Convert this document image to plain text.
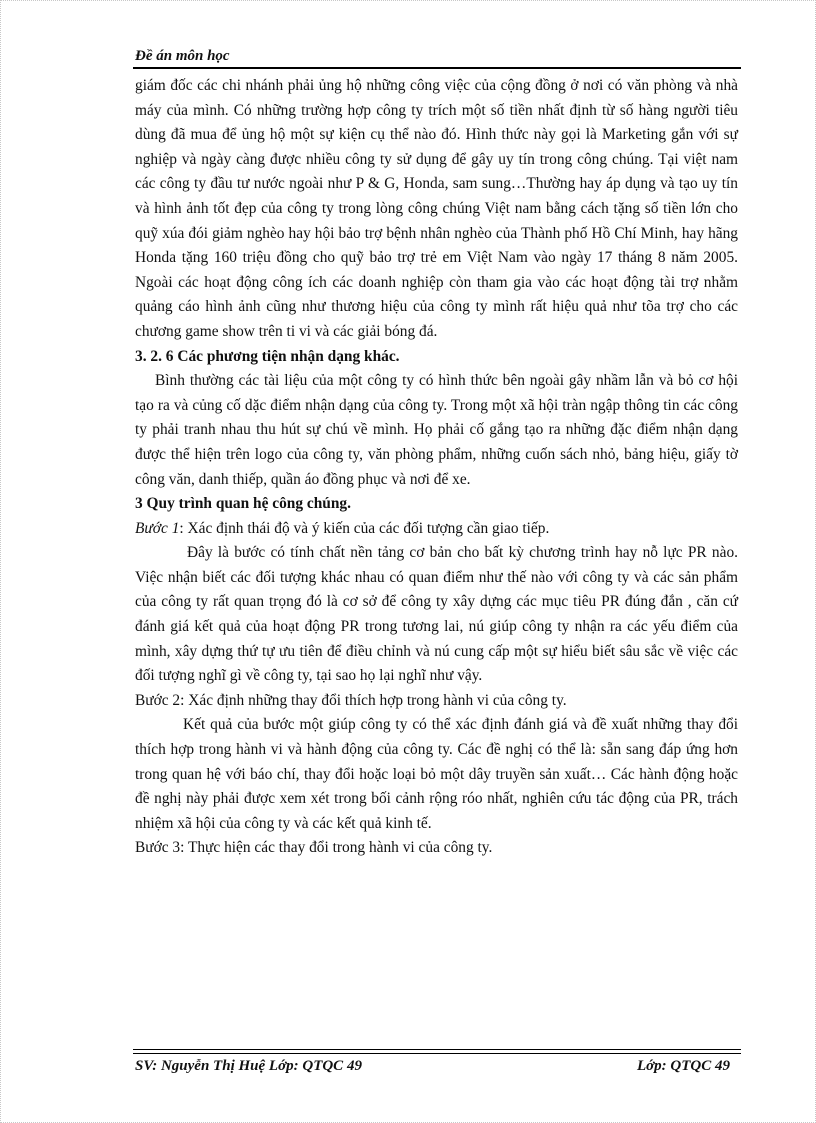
Đề án môn học

giám đốc các chi nhánh phải ủng hộ những công việc của cộng đồng ở nơi có văn phòng và nhà máy của mình. Có những trường hợp công ty trích một số tiền nhất định từ số hàng người tiêu dùng đã mua để ủng hộ một sự kiện cụ thể nào đó. Hình thức này gọi là Marketing gắn với sự nghiệp và ngày càng được nhiều công ty sử dụng để gây uy tín trong công chúng. Tại việt nam các công ty đầu tư nước ngoài như P & G, Honda, sam sung…Thường hay áp dụng và tạo uy tín và hình ảnh tốt đẹp của công ty trong lòng công chúng Việt nam bằng cách tặng số tiền lớn cho quỹ xúa đói giảm nghèo hay hội bảo trợ bệnh nhân nghèo của Thành phố Hồ Chí Minh, hay hãng Honda tặng 160 triệu đồng cho quỹ bảo trợ trẻ em Việt Nam vào ngày 17 tháng 8 năm 2005. Ngoài các hoạt động công ích các doanh nghiệp còn tham gia vào các hoạt động tài trợ nhằm quảng cáo hình ảnh cũng như thương hiệu của công ty mình rất hiệu quả như tõa trợ cho các chương game show trên ti vi và các giải bóng đá.

3. 2. 6 Các phương tiện nhận dạng khác.

Bình thường các tài liệu của một công ty có hình thức bên ngoài gây nhầm lẫn và bỏ cơ hội tạo ra và củng cố dặc điểm nhận dạng của công ty. Trong một xã hội tràn ngập thông tin các công ty phải tranh nhau thu hút sự chú về mình. Họ phải cố gắng tạo ra những đặc điểm nhận dạng được thể hiện trên logo của công ty, văn phòng phẩm, những cuốn sách nhỏ, bảng hiệu, giấy tờ công văn, danh thiếp, quần áo đồng phục và nơi để xe.

3 Quy trình quan hệ công chúng.

Bước 1: Xác định thái độ và ý kiến của các đối tượng cần giao tiếp.

Đây là bước có tính chất nền tảng cơ bản cho bất kỳ chương trình hay nỗ lực PR nào. Việc nhận biết các đối tượng khác nhau có quan điểm như thế nào với công ty và các sản phẩm của công ty rất quan trọng đó là cơ sở để công ty xây dựng các mục tiêu PR đúng đắn , căn cứ đánh giá kết quả của hoạt động PR trong tương lai, nú giúp công ty nhận ra các yếu điểm của mình, xây dựng thứ tự ưu tiên để điều chỉnh và nú cung cấp một sự hiểu biết sâu sắc về việc các đối tượng nghĩ gì về công ty, tại sao họ lại nghĩ như vậy.

Bước 2: Xác định những thay đổi thích hợp trong hành vi của công ty.

Kết quả của bước một giúp công ty có thể xác định đánh giá và đề xuất những thay đổi thích hợp trong hành vi và hành động của công ty. Các đề nghị có thể là: sẵn sang đáp ứng hơn trong quan hệ với báo chí, thay đổi hoặc loại bỏ một dây truyền sản xuất… Các hành động hoặc đề nghị này phải được xem xét trong bối cảnh rộng róo nhất, nghiên cứu tác động của PR, trách nhiệm xã hội của công ty và các kết quả kinh tế.

Bước 3: Thực hiện các thay đổi trong hành vi của công ty.

SV: Nguyễn Thị Huệ Lớp: QTQC 49	Lớp: QTQC 49
